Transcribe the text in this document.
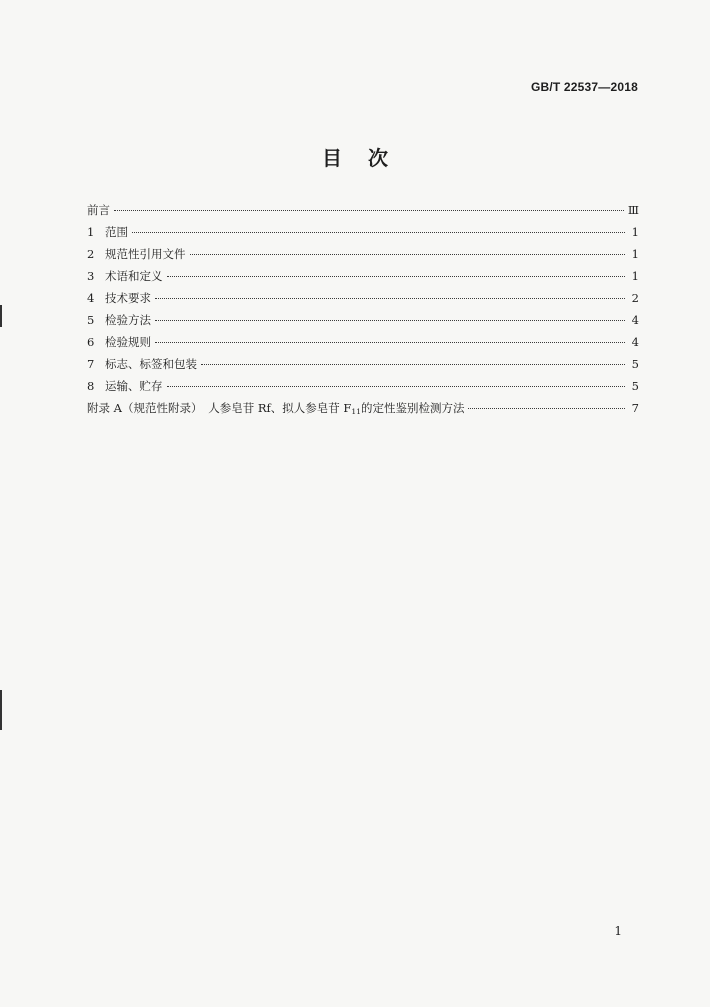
GB/T 22537—2018
目次
前言	Ⅲ
1 范围	1
2 规范性引用文件	1
3 术语和定义	1
4 技术要求	2
5 检验方法	4
6 检验规则	4
7 标志、标签和包装	5
8 运输、贮存	5
附录 A（规范性附录）　人参皂苷 Rf、拟人参皂苷 $F_{11}$的定性鉴别检测方法	7
1
